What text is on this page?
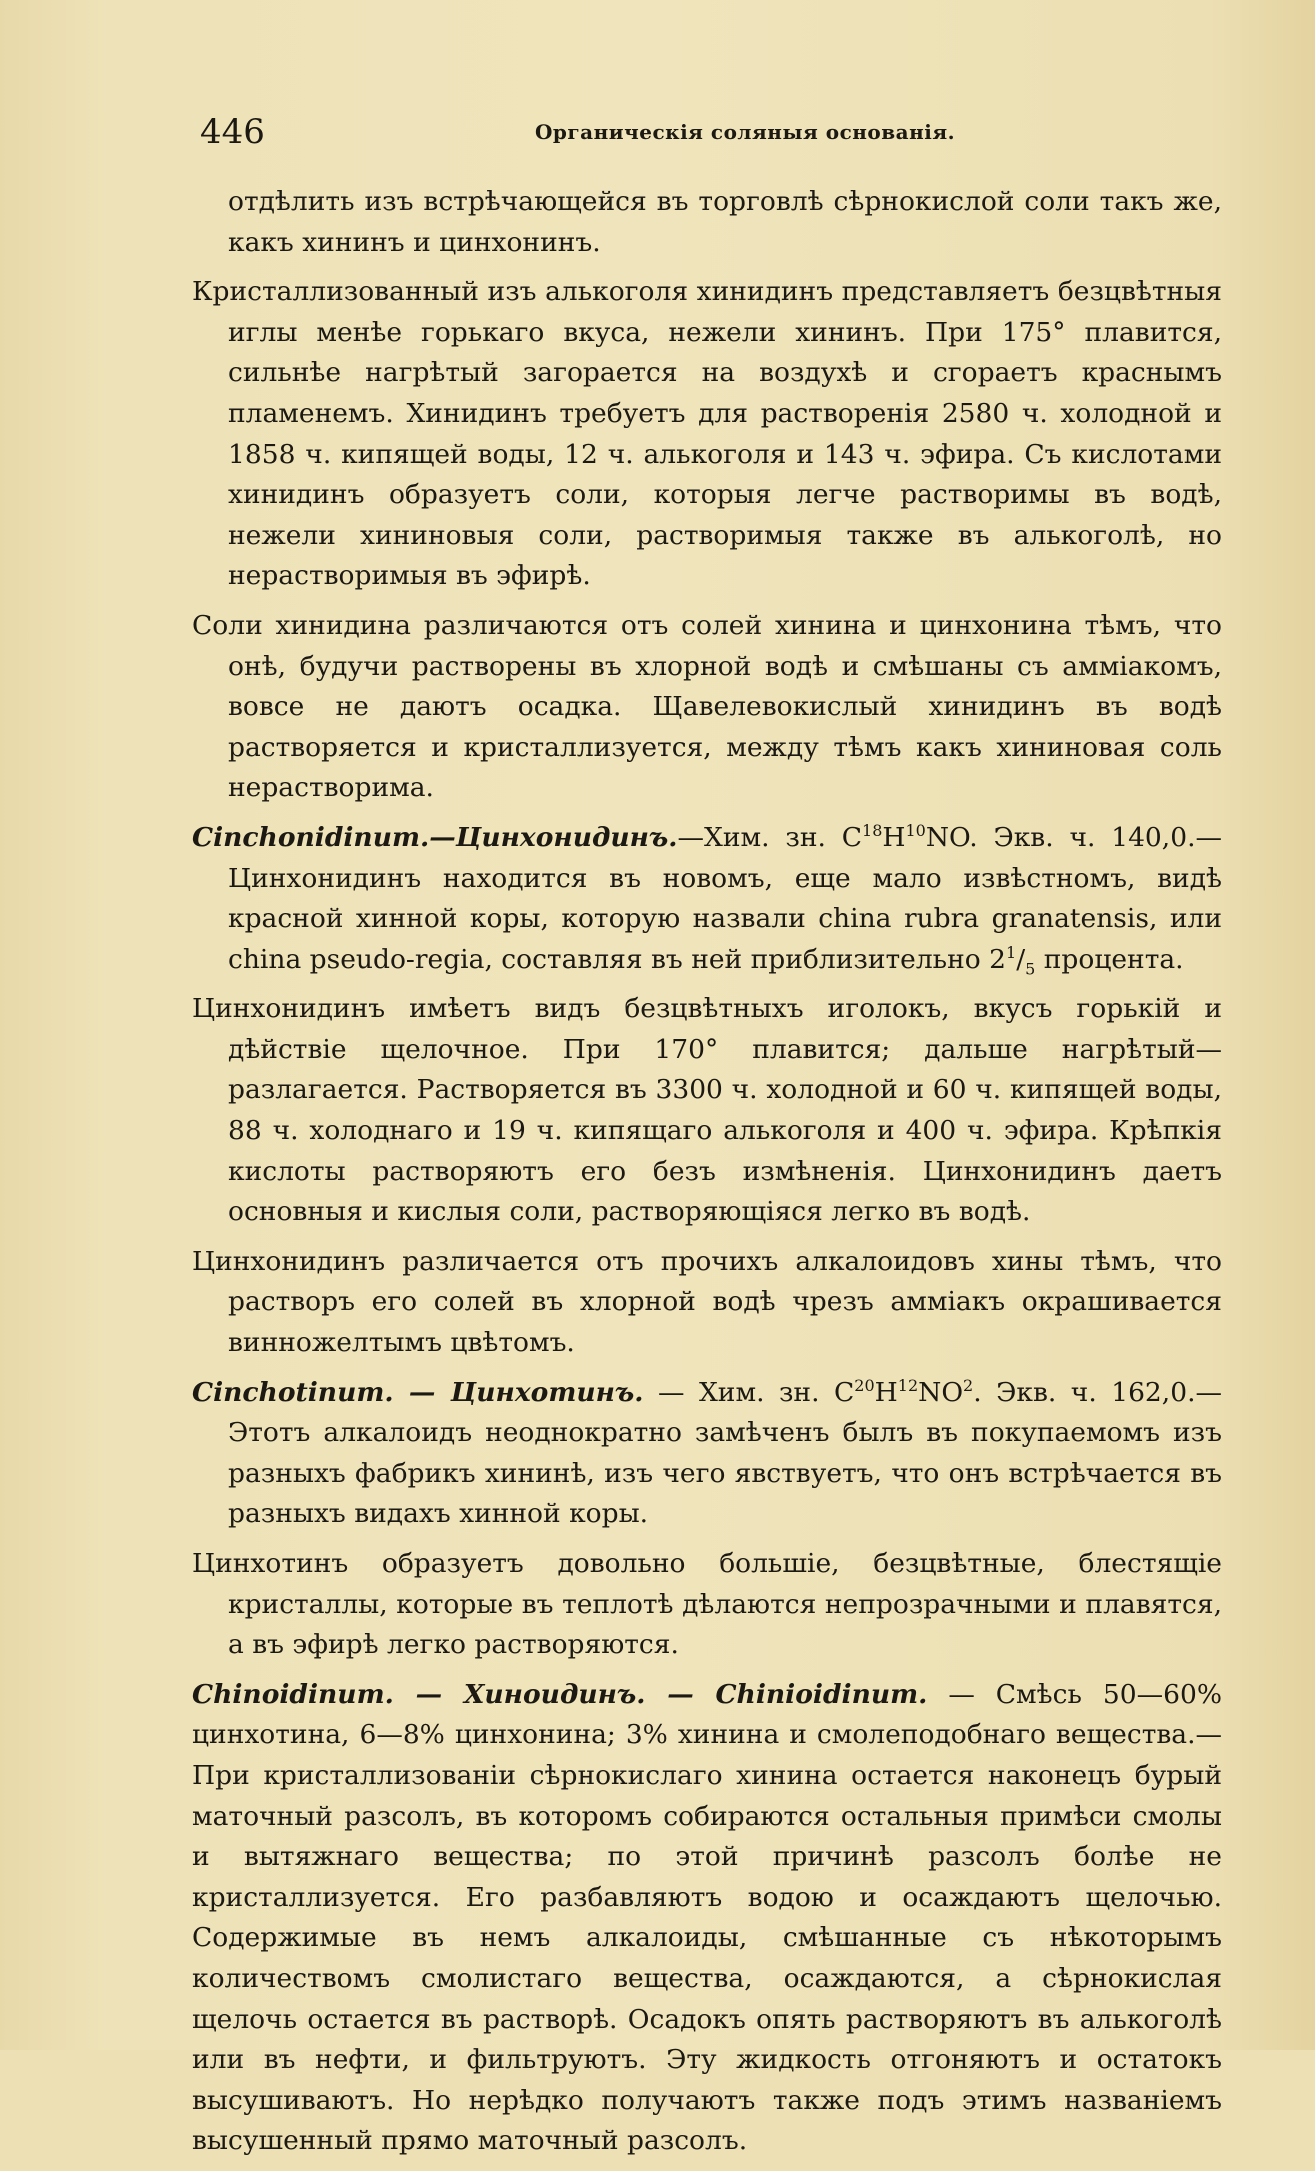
446	Органическія соляныя основанія.

отдѣлить изъ встрѣчающейся въ торговлѣ сѣрнокислой соли такъ же, какъ хининъ и цинхонинъ.

Кристаллизованный изъ алькоголя хинидинъ представляетъ безцвѣтныя иглы менѣе горькаго вкуса, нежели хининъ. При 175° плавится, сильнѣе нагрѣтый загорается на воздухѣ и сгораетъ краснымъ пламенемъ. Хинидинъ требуетъ для растворенія 2580 ч. холодной и 1858 ч. кипящей воды, 12 ч. алькоголя и 143 ч. эфира. Съ кислотами хинидинъ образуетъ соли, которыя легче растворимы въ водѣ, нежели хининовыя соли, растворимыя также въ алькоголѣ, но нерастворимыя въ эфирѣ.

Соли хинидина различаются отъ солей хинина и цинхонина тѣмъ, что онѣ, будучи растворены въ хлорной водѣ и смѣшаны съ амміакомъ, вовсе не даютъ осадка. Щавелевокислый хинидинъ въ водѣ растворяется и кристаллизуется, между тѣмъ какъ хининовая соль нерастворима.

Cinchonidinum.—Цинхонидинъ.—Хим. зн. $C^{18}H^{10}NO$. Экв. ч. 140,0.— Цинхонидинъ находится въ новомъ, еще мало извѣстномъ, видѣ красной хинной коры, которую назвали china rubra granatensis, или china pseudo-regia, составляя въ ней приблизительно $2^1/_5$ процента.

Цинхонидинъ имѣетъ видъ безцвѣтныхъ иголокъ, вкусъ горькій и дѣйствіе щелочное. При 170° плавится; дальше нагрѣтый—разлагается. Растворяется въ 3300 ч. холодной и 60 ч. кипящей воды, 88 ч. холоднаго и 19 ч. кипящаго алькоголя и 400 ч. эфира. Крѣпкія кислоты растворяютъ его безъ измѣненія. Цинхонидинъ даетъ основныя и кислыя соли, растворяющіяся легко въ водѣ.

Цинхонидинъ различается отъ прочихъ алкалоидовъ хины тѣмъ, что растворъ его солей въ хлорной водѣ чрезъ амміакъ окрашивается винножелтымъ цвѣтомъ.

Cinchotinum. — Цинхотинъ. — Хим. зн. $C^{20}H^{12}NO^2$. Экв. ч. 162,0.— Этотъ алкалоидъ неоднократно замѣченъ былъ въ покупаемомъ изъ разныхъ фабрикъ хининѣ, изъ чего явствуетъ, что онъ встрѣчается въ разныхъ видахъ хинной коры.

Цинхотинъ образуетъ довольно большіе, безцвѣтные, блестящіе кристаллы, которые въ теплотѣ дѣлаются непрозрачными и плавятся, а въ эфирѣ легко растворяются.

Chinoidinum. — Хиноидинъ. — Chinioidinum. — Смѣсь 50—60% цинхотина, 6—8% цинхонина; 3% хинина и смолеподобнаго вещества.— При кристаллизованіи сѣрнокислаго хинина остается наконецъ бурый маточный разсолъ, въ которомъ собираются остальныя примѣси смолы и вытяжнаго вещества; по этой причинѣ разсолъ болѣе не кристаллизуется. Его разбавляютъ водою и осаждаютъ щелочью. Содержимые въ немъ алкалоиды, смѣшанные съ нѣкоторымъ количествомъ смолистаго вещества, осаждаются, а сѣрнокислая щелочь остается въ растворѣ. Осадокъ опять растворяютъ въ алькоголѣ или въ нефти, и фильтруютъ. Эту жидкость отгоняютъ и остатокъ высушиваютъ. Но нерѣдко получаютъ также подъ этимъ названіемъ высушенный прямо маточный разсолъ.
